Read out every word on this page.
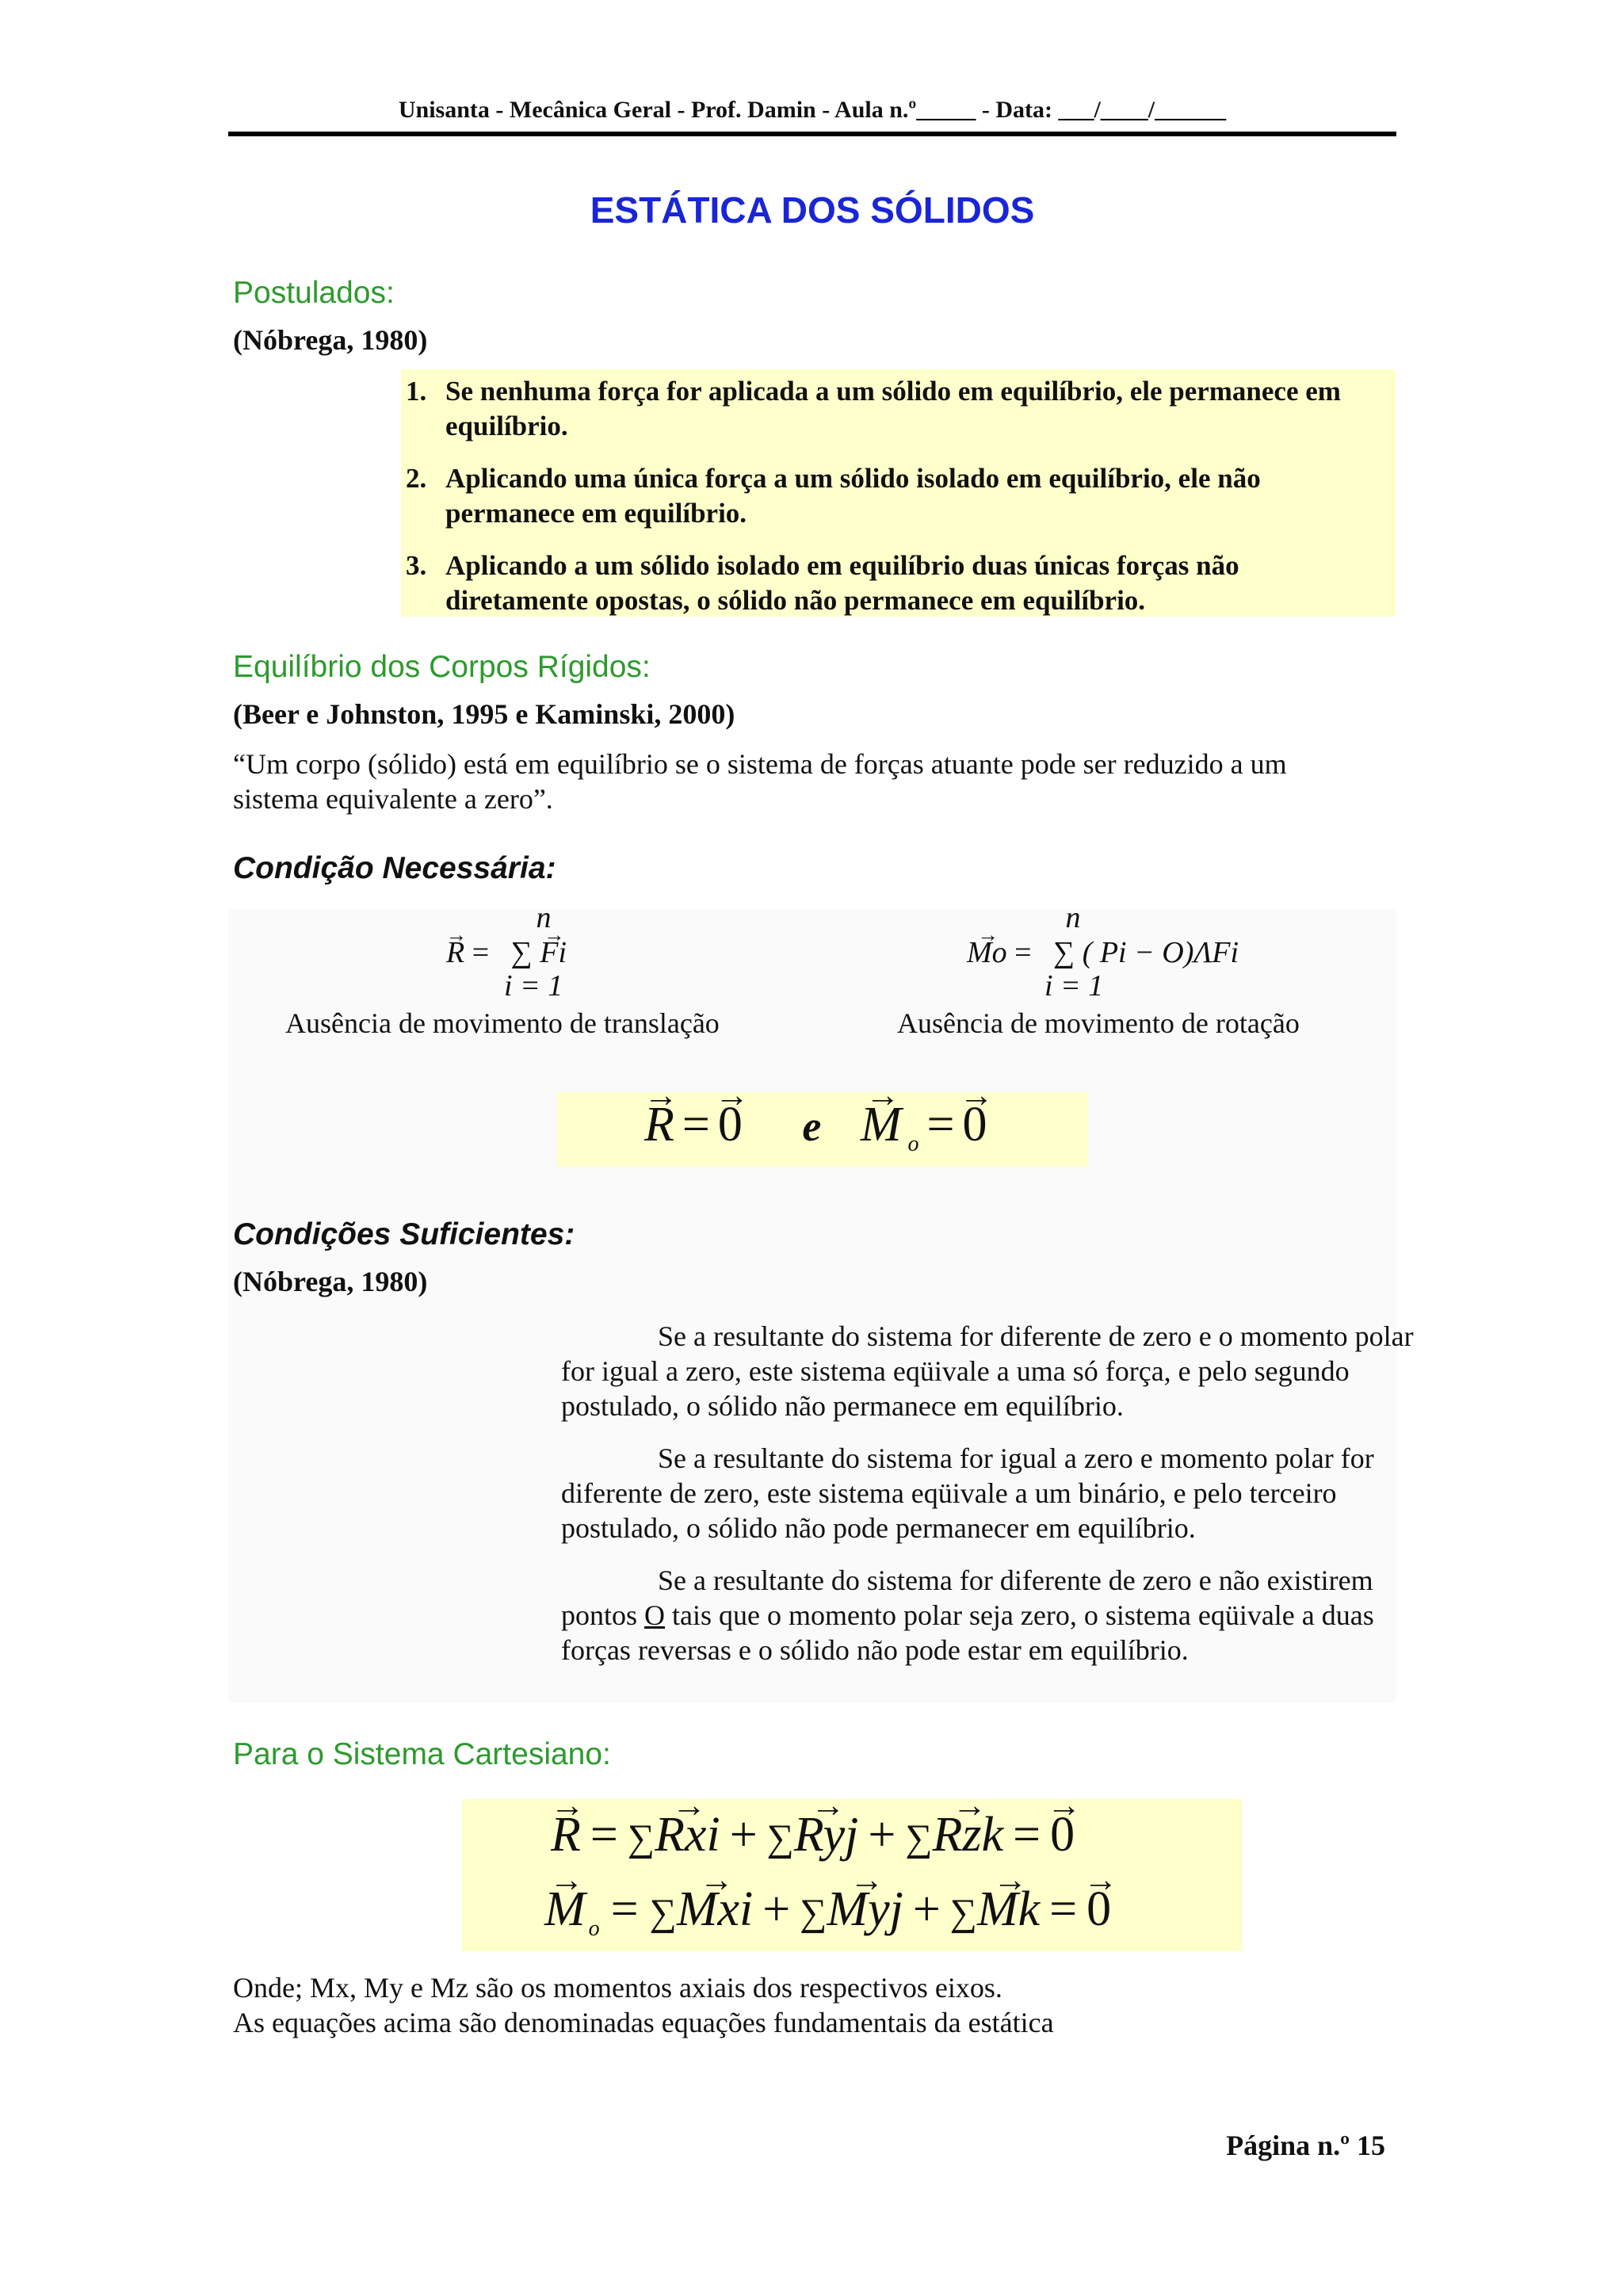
Unisanta - Mecânica Geral - Prof. Damin - Aula n.º_____ - Data: ___/____/______
ESTÁTICA DOS SÓLIDOS
Postulados:
(Nóbrega, 1980)
1. Se nenhuma força for aplicada a um sólido em equilíbrio, ele permanece em equilíbrio.
2. Aplicando uma única força a um sólido isolado em equilíbrio, ele não permanece em equilíbrio.
3. Aplicando a um sólido isolado em equilíbrio duas únicas forças não diretamente opostas, o sólido não permanece em equilíbrio.
Equilíbrio dos Corpos Rígidos:
(Beer e Johnston, 1995 e Kaminski, 2000)
“Um corpo (sólido) está em equilíbrio se o sistema de forças atuante pode ser reduzido a um sistema equivalente a zero”.
Condição Necessária:
n
→ R = ∑ → Fi
i = 1
Ausência de movimento de translação
n
→ Mo = ∑ ( Pi − O)ΛFi
i = 1
Ausência de movimento de rotação
→ R = → 0 e → M $_o$ = → 0
Condições Suficientes:
(Nóbrega, 1980)
Se a resultante do sistema for diferente de zero e o momento polar for igual a zero, este sistema eqüivale a uma só força, e pelo segundo postulado, o sólido não permanece em equilíbrio.
Se a resultante do sistema for igual a zero e momento polar for diferente de zero, este sistema eqüivale a um binário, e pelo terceiro postulado, o sólido não pode permanecer em equilíbrio.
Se a resultante do sistema for diferente de zero e não existirem pontos O tais que o momento polar seja zero, o sistema eqüivale a duas forças reversas e o sólido não pode estar em equilíbrio.
Para o Sistema Cartesiano:
→ R = ∑→ Rxi + ∑→ Ryj + ∑→ Rzk = → 0
→ M $_o$ = ∑→ Mxi + ∑→ Myj + ∑→ Mk = → 0
Onde; Mx, My e Mz são os momentos axiais dos respectivos eixos.
As equações acima são denominadas equações fundamentais da estática
Página n.º 15
